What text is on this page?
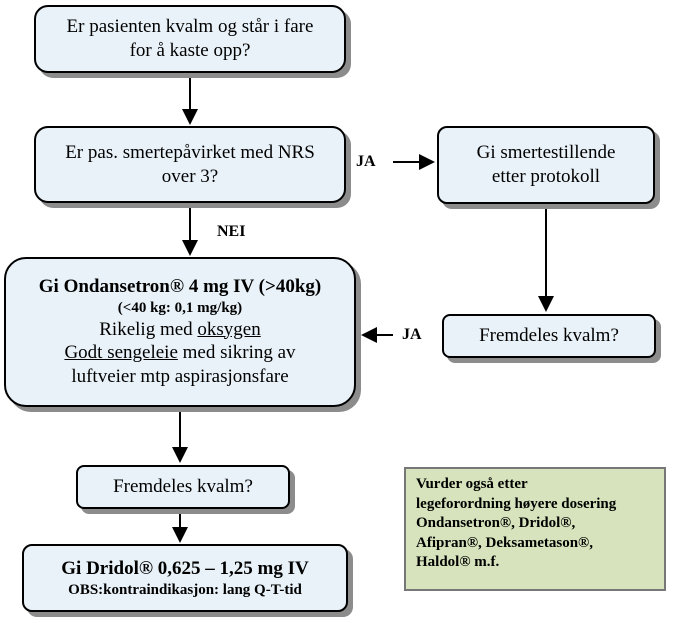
Er pasienten kvalm og står i fare
for å kaste opp?
Er pas. smertepåvirket med NRS
over 3?
JA	Gi smertestillende
etter protokoll
NEI
Gi Ondansetron® 4 mg IV (>40kg)
(<40 kg: 0,1 mg/kg)
Rikelig med oksygen
Godt sengeleie med sikring av
luftveier mtp aspirasjonsfare
JA	Fremdeles kvalm?
Fremdeles kvalm?
Gi Dridol® 0,625 – 1,25 mg IV
OBS:kontraindikasjon: lang Q-T-tid
Vurder også etter
legeforordning høyere dosering
Ondansetron®, Dridol®,
Afipran®, Deksametason®,
Haldol® m.f.
